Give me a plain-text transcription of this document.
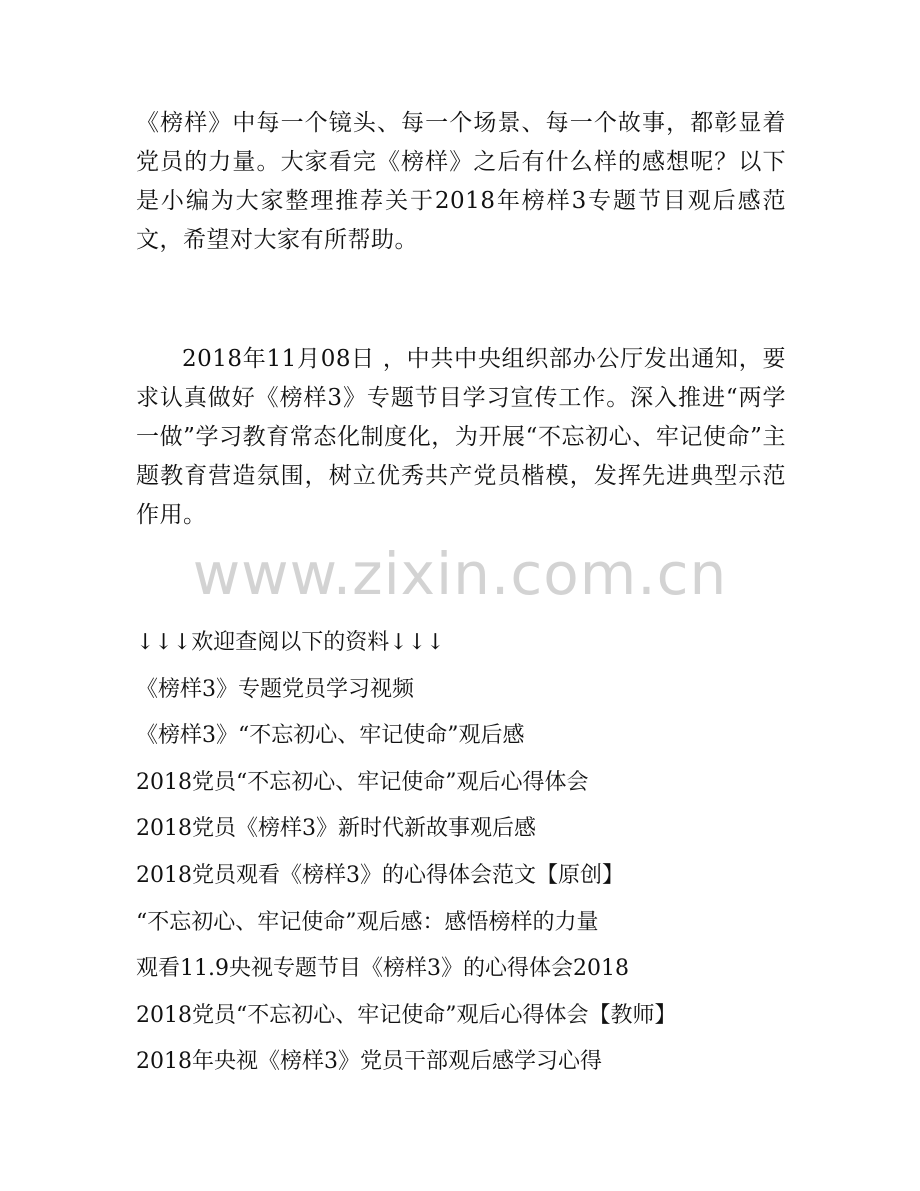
《榜样》中每一个镜头、每一个场景、每一个故事，都彰显着党员的力量。大家看完《榜样》之后有什么样的感想呢？以下是小编为大家整理推荐关于2018年榜样3专题节目观后感范文，希望对大家有所帮助。

2018年11月08日 ，中共中央组织部办公厅发出通知，要求认真做好《榜样3》专题节目学习宣传工作。深入推进“两学一做”学习教育常态化制度化，为开展“不忘初心、牢记使命”主题教育营造氛围，树立优秀共产党员楷模，发挥先进典型示范作用。

www.zixin.com.cn
↓↓↓欢迎查阅以下的资料↓↓↓
《榜样3》专题党员学习视频
《榜样3》“不忘初心、牢记使命”观后感
2018党员“不忘初心、牢记使命”观后心得体会
2018党员《榜样3》新时代新故事观后感
2018党员观看《榜样3》的心得体会范文【原创】
“不忘初心、牢记使命”观后感：感悟榜样的力量
观看11.9央视专题节目《榜样3》的心得体会2018
2018党员“不忘初心、牢记使命”观后心得体会【教师】
2018年央视《榜样3》党员干部观后感学习心得
